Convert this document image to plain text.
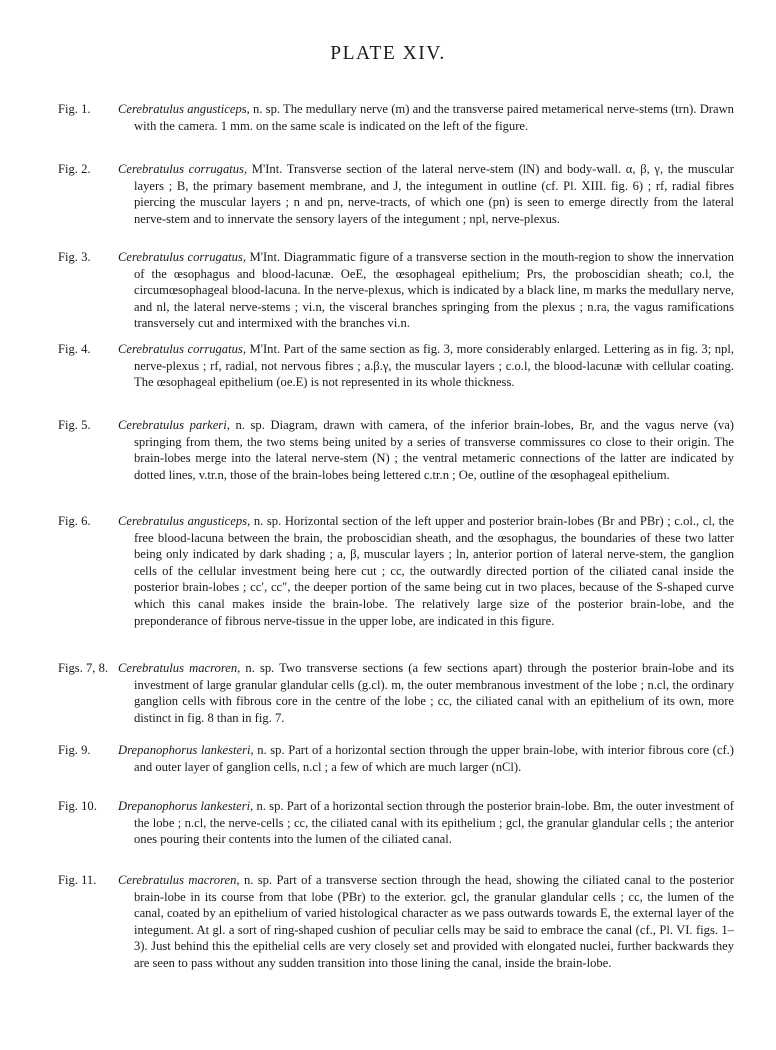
PLATE XIV.
Fig. 1.	Cerebratulus angusticeps, n. sp. The medullary nerve (m) and the transverse paired metamerical nerve-stems (trn). Drawn with the camera. 1 mm. on the same scale is indicated on the left of the figure.
Fig. 2.	Cerebratulus corrugatus, M'Int. Transverse section of the lateral nerve-stem (lN) and body-wall. α, β, γ, the muscular layers ; B, the primary basement membrane, and J, the integument in outline (cf. Pl. XIII. fig. 6) ; rf, radial fibres piercing the muscular layers ; n and pn, nerve-tracts, of which one (pn) is seen to emerge directly from the lateral nerve-stem and to innervate the sensory layers of the integument ; npl, nerve-plexus.
Fig. 3.	Cerebratulus corrugatus, M'Int. Diagrammatic figure of a transverse section in the mouth-region to show the innervation of the œsophagus and blood-lacunæ. OeE, the œsophageal epithelium; Prs, the proboscidian sheath; co.l, the circumœsophageal blood-lacuna. In the nerve-plexus, which is indicated by a black line, m marks the medullary nerve, and nl, the lateral nerve-stems ; vi.n, the visceral branches springing from the plexus ; n.ra, the vagus ramifications transversely cut and intermixed with the branches vi.n.
Fig. 4.	Cerebratulus corrugatus, M'Int. Part of the same section as fig. 3, more considerably enlarged. Lettering as in fig. 3; npl, nerve-plexus ; rf, radial, not nervous fibres ; a.β.γ, the muscular layers ; c.o.l, the blood-lacunæ with cellular coating. The œsophageal epithelium (oe.E) is not represented in its whole thickness.
Fig. 5.	Cerebratulus parkeri, n. sp. Diagram, drawn with camera, of the inferior brain-lobes, Br, and the vagus nerve (va) springing from them, the two stems being united by a series of transverse commissures co close to their origin. The brain-lobes merge into the lateral nerve-stem (N) ; the ventral metameric connections of the latter are indicated by dotted lines, v.tr.n, those of the brain-lobes being lettered c.tr.n ; Oe, outline of the œsophageal epithelium.
Fig. 6.	Cerebratulus angusticeps, n. sp. Horizontal section of the left upper and posterior brain-lobes (Br and PBr) ; c.ol., cl, the free blood-lacuna between the brain, the proboscidian sheath, and the œsophagus, the boundaries of these two latter being only indicated by dark shading ; a, β, muscular layers ; ln, anterior portion of lateral nerve-stem, the ganglion cells of the cellular investment being here cut ; cc, the outwardly directed portion of the ciliated canal inside the posterior brain-lobes ; cc′, cc″, the deeper portion of the same being cut in two places, because of the S-shaped curve which this canal makes inside the brain-lobe. The relatively large size of the posterior brain-lobe, and the preponderance of fibrous nerve-tissue in the upper lobe, are indicated in this figure.
Figs. 7, 8. Cerebratulus macroren, n. sp. Two transverse sections (a few sections apart) through the posterior brain-lobe and its investment of large granular glandular cells (g.cl). m, the outer membranous investment of the lobe ; n.cl, the ordinary ganglion cells with fibrous core in the centre of the lobe ; cc, the ciliated canal with an epithelium of its own, more distinct in fig. 8 than in fig. 7.
Fig. 9.	Drepanophorus lankesteri, n. sp. Part of a horizontal section through the upper brain-lobe, with interior fibrous core (cf.) and outer layer of ganglion cells, n.cl ; a few of which are much larger (nCl).
Fig. 10.	Drepanophorus lankesteri, n. sp. Part of a horizontal section through the posterior brain-lobe. Bm, the outer investment of the lobe ; n.cl, the nerve-cells ; cc, the ciliated canal with its epithelium ; gcl, the granular glandular cells ; the anterior ones pouring their contents into the lumen of the ciliated canal.
Fig. 11.	Cerebratulus macroren, n. sp. Part of a transverse section through the head, showing the ciliated canal to the posterior brain-lobe in its course from that lobe (PBr) to the exterior. gcl, the granular glandular cells ; cc, the lumen of the canal, coated by an epithelium of varied histological character as we pass outwards towards E, the external layer of the integument. At gl. a sort of ring-shaped cushion of peculiar cells may be said to embrace the canal (cf., Pl. VI. figs. 1–3). Just behind this the epithelial cells are very closely set and provided with elongated nuclei, further backwards they are seen to pass without any sudden transition into those lining the canal, inside the brain-lobe.
